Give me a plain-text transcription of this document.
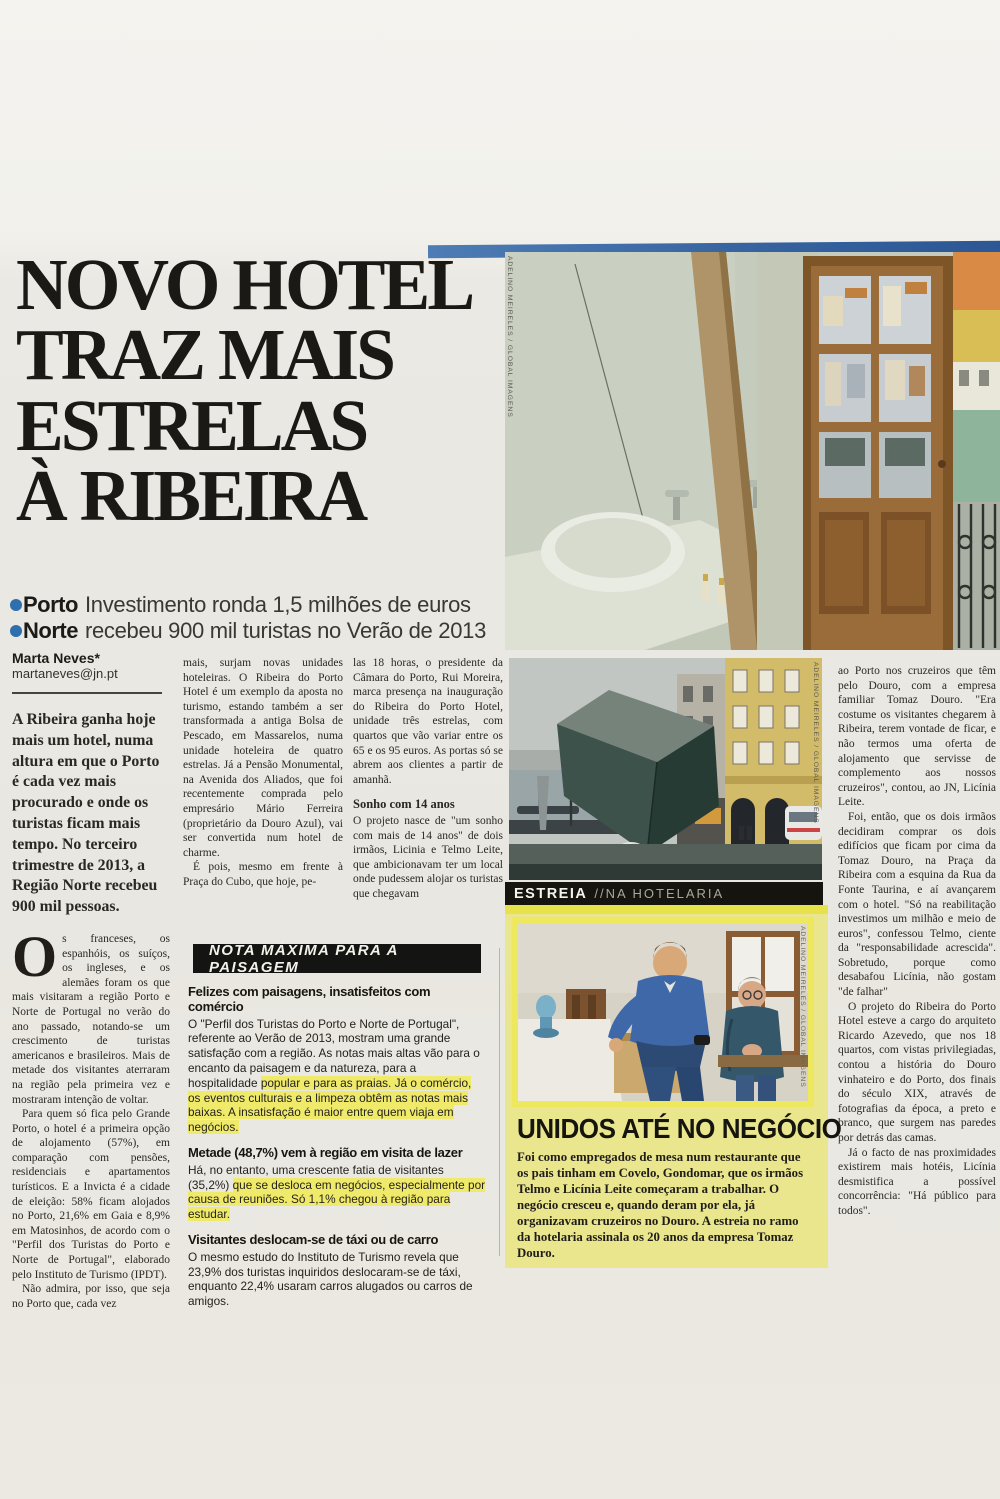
NOVO HOTEL
TRAZ MAIS
ESTRELAS
À RIBEIRA
Porto Investimento ronda 1,5 milhões de euros
Norte recebeu 900 mil turistas no Verão de 2013
Marta Neves*
martaneves@jn.pt
ADELINO MEIRELES / GLOBAL IMAGENS

A Ribeira ganha hoje mais um hotel, numa altura em que o Porto é cada vez mais procurado e onde os turistas ficam mais tempo. No terceiro trimestre de 2013, a Região Norte recebeu 900 mil pessoas.

Os franceses, os espanhóis, os suíços, os ingleses, e os alemães foram os que mais visitaram a região Porto e Norte de Portugal no verão do ano passado, notando-se um crescimento de turistas americanos e brasileiros. Mais de metade dos visitantes aterraram na região pela primeira vez e mostraram intenção de voltar.

Para quem só fica pelo Grande Porto, o hotel é a primeira opção de alojamento (57%), em comparação com pensões, residenciais e apartamentos turísticos. E a Invicta é a cidade de eleição: 58% ficam alojados no Porto, 21,6% em Gaia e 8,9% em Matosinhos, de acordo com o "Perfil dos Turistas do Porto e Norte de Portugal", elaborado pelo Instituto de Turismo (IPDT).

Não admira, por isso, que seja no Porto que, cada vez

mais, surjam novas unidades hoteleiras. O Ribeira do Porto Hotel é um exemplo da aposta no turismo, estando também a ser transformada a antiga Bolsa de Pescado, em Massarelos, numa unidade hoteleira de quatro estrelas. Já a Pensão Monumental, na Avenida dos Aliados, que foi recentemente comprada pelo empresário Mário Ferreira (proprietário da Douro Azul), vai ser convertida num hotel de charme.

É pois, mesmo em frente à Praça do Cubo, que hoje, pe-

las 18 horas, o presidente da Câmara do Porto, Rui Moreira, marca presença na inauguração do Ribeira do Porto Hotel, unidade três estrelas, com quartos que vão variar entre os 65 e os 95 euros. As portas só se abrem aos clientes a partir de amanhã.

Sonho com 14 anos

O projeto nasce de "um sonho com mais de 14 anos" de dois irmãos, Licinia e Telmo Leite, que ambicionavam ter um local onde pudessem alojar os turistas que chegavam

ao Porto nos cruzeiros que têm pelo Douro, com a empresa familiar Tomaz Douro. "Era costume os visitantes chegarem à Ribeira, terem vontade de ficar, e não termos uma oferta de alojamento que servisse de complemento aos nossos cruzeiros", contou, ao JN, Licínia Leite.

Foi, então, que os dois irmãos decidiram comprar os dois edifícios que ficam por cima da Tomaz Douro, na Praça da Ribeira com a esquina da Rua da Fonte Taurina, e aí avançarem com o hotel. "Só na reabilitação investimos um milhão e meio de euros", confessou Telmo, ciente da "responsabilidade acrescida". Sobretudo, porque como desabafou Licínia, não gostam "de falhar"

O projeto do Ribeira do Porto Hotel esteve a cargo do arquiteto Ricardo Azevedo, que nos 18 quartos, com vistas privilegiadas, contou a história do Douro vinhateiro e do Porto, dos finais do século XIX, através de fotografias da época, a preto e branco, que surgem nas paredes por detrás das camas.

Já o facto de nas proximidades existirem mais hotéis, Licínia desmistifica a possível concorrência: "Há público para todos".

NOTA MÁXIMA PARA A PAISAGEM
Felizes com paisagens, insatisfeitos com comércio
O "Perfil dos Turistas do Porto e Norte de Portugal", referente ao Verão de 2013, mostram uma grande satisfação com a região. As notas mais altas vão para o encanto da paisagem e da natureza, para a hospitalidade popular e para as praias. Já o comércio, os eventos culturais e a limpeza obtêm as notas mais baixas. A insatisfação é maior entre quem viaja em negócios.
Metade (48,7%) vem à região em visita de lazer
Há, no entanto, uma crescente fatia de visitantes (35,2%) que se desloca em negócios, especialmente por causa de reuniões. Só 1,1% chegou à região para estudar.
Visitantes deslocam-se de táxi ou de carro
O mesmo estudo do Instituto de Turismo revela que 23,9% dos turistas inquiridos deslocaram-se de táxi, enquanto 22,4% usaram carros alugados ou carros de amigos.
ADELINO MEIRELES / GLOBAL IMAGENS
ESTREIA //NA HOTELARIA
ADELINO MEIRELES / GLOBAL IMAGENS
UNIDOS ATÉ NO NEGÓCIO
Foi como empregados de mesa num restaurante que os pais tinham em Covelo, Gondomar, que os irmãos Telmo e Licínia Leite começaram a trabalhar. O negócio cresceu e, quando deram por ela, já organizavam cruzeiros no Douro. A estreia no ramo da hotelaria assinala os 20 anos da empresa Tomaz Douro.
